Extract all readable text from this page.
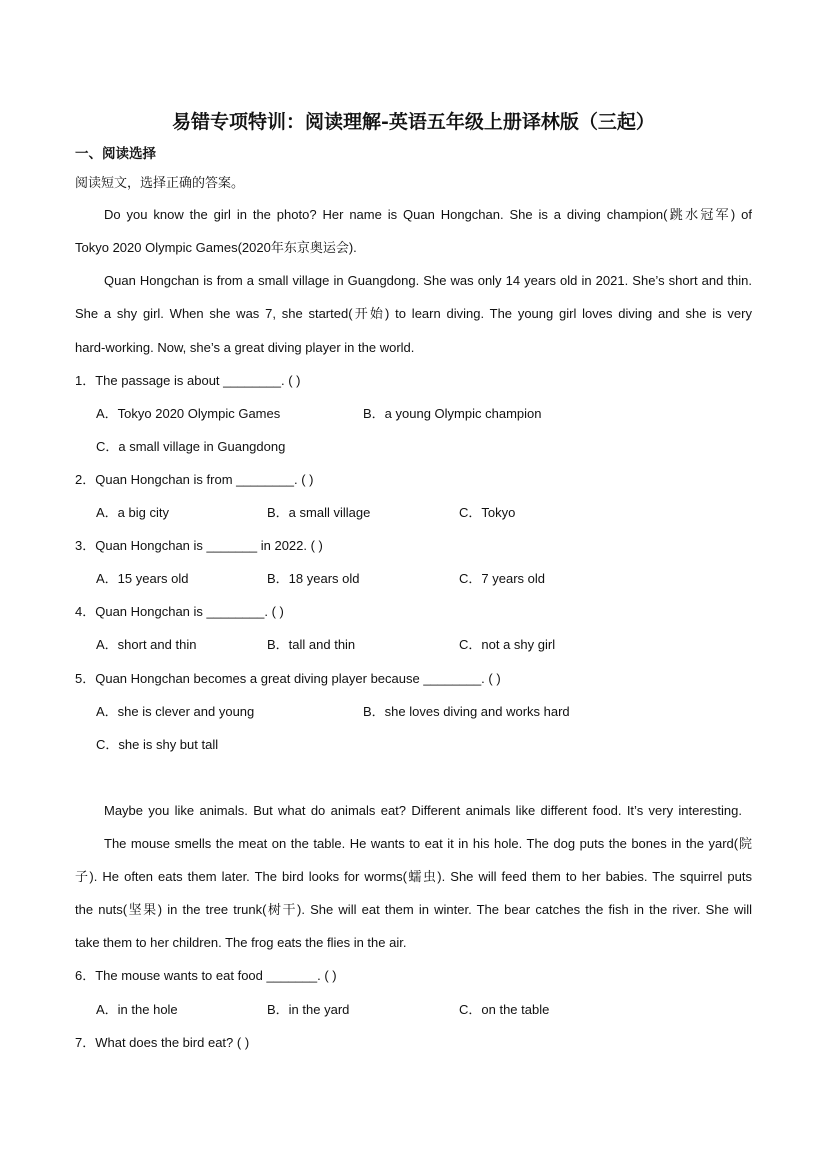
易错专项特训：阅读理解-英语五年级上册译林版（三起）
一、阅读选择
阅读短文，选择正确的答案。
Do you know the girl in the photo? Her name is Quan Hongchan. She is a diving champion(跳水冠军) of
Tokyo 2020 Olympic Games(2020年东京奥运会).
Quan Hongchan is from a small village in Guangdong. She was only 14 years old in 2021. She’s short and thin.
She a shy girl. When she was 7, she started(开始) to learn diving. The young girl loves diving and she is very
hard-working. Now, she’s a great diving player in the world.
1．The passage is about ________. ( )
A．Tokyo 2020 Olympic Games	B．a young Olympic champion
C．a small village in Guangdong
2．Quan Hongchan is from ________. ( )
A．a big city	B．a small village	C．Tokyo
3．Quan Hongchan is _______ in 2022. ( )
A．15 years old	B．18 years old	C．7 years old
4．Quan Hongchan is ________. ( )
A．short and thin	B．tall and thin	C．not a shy girl
5．Quan Hongchan becomes a great diving player because ________. ( )
A．she is clever and young	B．she loves diving and works hard
C．she is shy but tall
Maybe you like animals. But what do animals eat? Different animals like different food. It’s very interesting.
The mouse smells the meat on the table. He wants to eat it in his hole. The dog puts the bones in the yard(院
子). He often eats them later. The bird looks for worms(蠕虫). She will feed them to her babies. The squirrel puts
the nuts(坚果) in the tree trunk(树干). She will eat them in winter. The bear catches the fish in the river. She will
take them to her children. The frog eats the flies in the air.
6．The mouse wants to eat food _______. ( )
A．in the hole	B．in the yard	C．on the table
7．What does the bird eat? ( )
